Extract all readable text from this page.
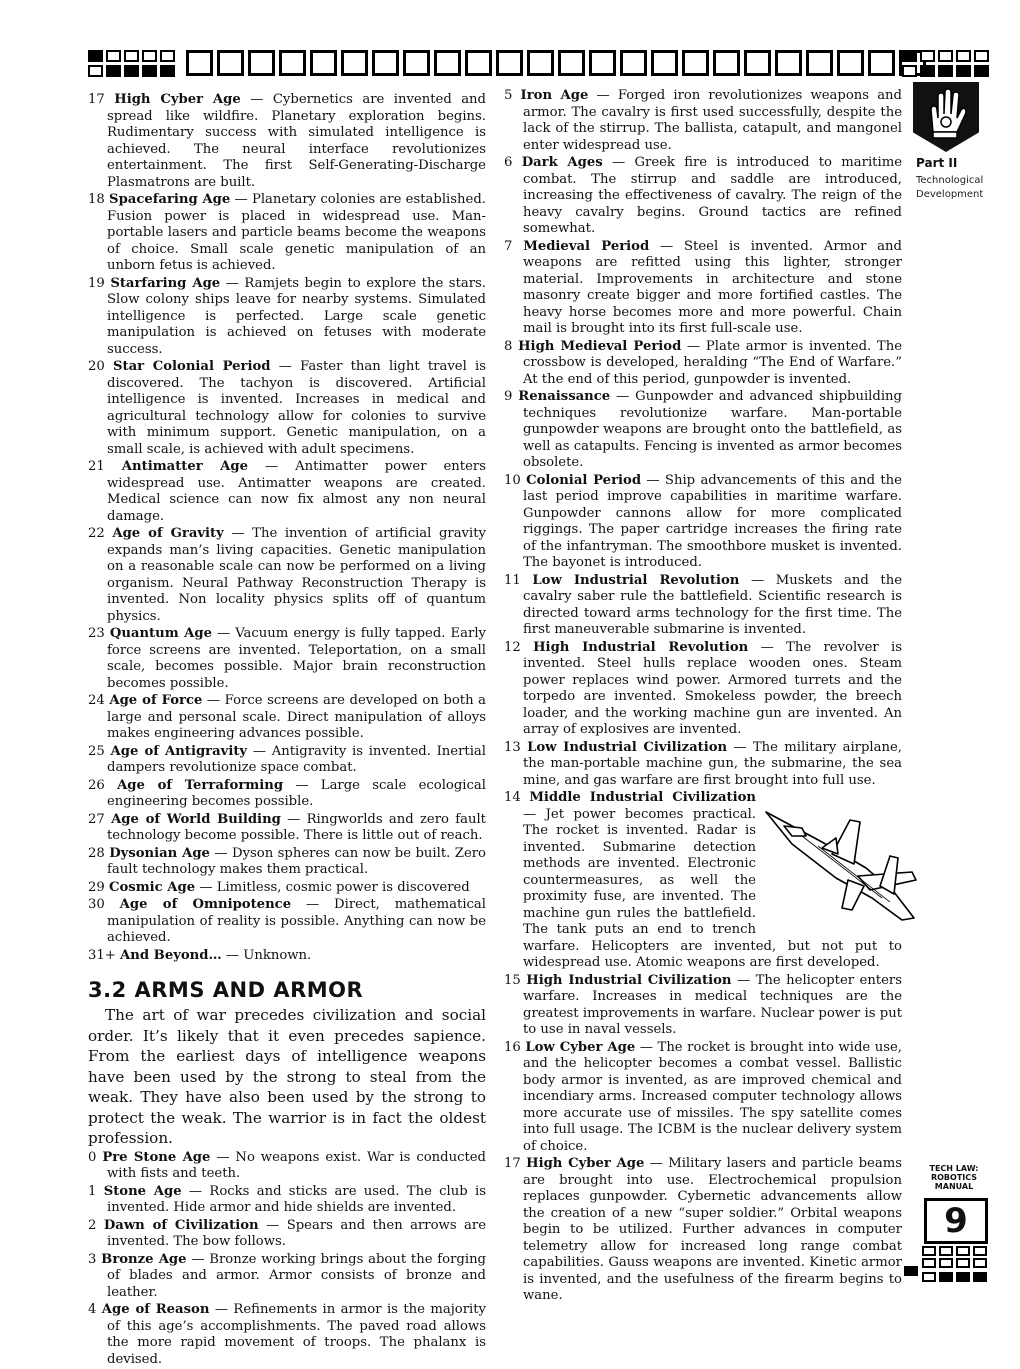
Part II
Technological
Development
TECH LAW:
ROBOTICS
MANUAL
9

17 High Cyber Age — Cybernetics are invented and spread like wildfire. Planetary exploration begins. Rudimentary success with simulated intelligence is achieved. The neural interface revolutionizes entertainment. The first Self-Generating-Discharge Plasmatrons are built.

18 Spacefaring Age — Planetary colonies are established. Fusion power is placed in widespread use. Man-portable lasers and particle beams become the weapons of choice. Small scale genetic manipulation of an unborn fetus is achieved.

19 Starfaring Age — Ramjets begin to explore the stars. Slow colony ships leave for nearby systems. Simulated intelligence is perfected. Large scale genetic manipulation is achieved on fetuses with moderate success.

20 Star Colonial Period — Faster than light travel is discovered. The tachyon is discovered. Artificial intelligence is invented. Increases in medical and agricultural technology allow for colonies to survive with minimum support. Genetic manipulation, on a small scale, is achieved with adult specimens.

21 Antimatter Age — Antimatter power enters widespread use. Antimatter weapons are created. Medical science can now fix almost any non neural damage.

22 Age of Gravity — The invention of artificial gravity expands man’s living capacities. Genetic manipulation on a reasonable scale can now be performed on a living organism. Neural Pathway Reconstruction Therapy is invented. Non locality physics splits off of quantum physics.

23 Quantum Age — Vacuum energy is fully tapped. Early force screens are invented. Teleportation, on a small scale, becomes possible. Major brain reconstruction becomes possible.

24 Age of Force — Force screens are developed on both a large and personal scale. Direct manipulation of alloys makes engineering advances possible.

25 Age of Antigravity — Antigravity is invented. Inertial dampers revolutionize space combat.

26 Age of Terraforming — Large scale ecological engineering becomes possible.

27 Age of World Building — Ringworlds and zero fault technology become possible. There is little out of reach.

28 Dysonian Age — Dyson spheres can now be built. Zero fault technology makes them practical.

29 Cosmic Age — Limitless, cosmic power is discovered

30 Age of Omnipotence — Direct, mathematical manipulation of reality is possible. Anything can now be achieved.

31+ And Beyond… — Unknown.

3.2 ARMS AND ARMOR

The art of war precedes civilization and social order. It’s likely that it even precedes sapience. From the earliest days of intelligence weapons have been used by the strong to steal from the weak. They have also been used by the strong to protect the weak. The warrior is in fact the oldest profession.

0 Pre Stone Age — No weapons exist. War is conducted with fists and teeth.

1 Stone Age — Rocks and sticks are used. The club is invented. Hide armor and hide shields are invented.

2 Dawn of Civilization — Spears and then arrows are invented. The bow follows.

3 Bronze Age — Bronze working brings about the forging of blades and armor. Armor consists of bronze and leather.

4 Age of Reason — Refinements in armor is the majority of this age’s accomplishments. The paved road allows the more rapid movement of troops. The phalanx is devised.

5 Iron Age — Forged iron revolutionizes weapons and armor. The cavalry is first used successfully, despite the lack of the stirrup. The ballista, catapult, and mangonel enter widespread use.

6 Dark Ages — Greek fire is introduced to maritime combat. The stirrup and saddle are introduced, increasing the effectiveness of cavalry. The reign of the heavy cavalry begins. Ground tactics are refined somewhat.

7 Medieval Period — Steel is invented. Armor and weapons are refitted using this lighter, stronger material. Improvements in architecture and stone masonry create bigger and more fortified castles. The heavy horse becomes more and more powerful. Chain mail is brought into its first full-scale use.

8 High Medieval Period — Plate armor is invented. The crossbow is developed, heralding “The End of Warfare.” At the end of this period, gunpowder is invented.

9 Renaissance — Gunpowder and advanced shipbuilding techniques revolutionize warfare. Man-portable gunpowder weapons are brought onto the battlefield, as well as catapults. Fencing is invented as armor becomes obsolete.

10 Colonial Period — Ship advancements of this and the last period improve capabilities in maritime warfare. Gunpowder cannons allow for more complicated riggings. The paper cartridge increases the firing rate of the infantryman. The smoothbore musket is invented. The bayonet is introduced.

11 Low Industrial Revolution — Muskets and the cavalry saber rule the battlefield. Scientific research is directed toward arms technology for the first time. The first maneuverable submarine is invented.

12 High Industrial Revolution — The revolver is invented. Steel hulls replace wooden ones. Steam power replaces wind power. Armored turrets and the torpedo are invented. Smokeless powder, the breech loader, and the working machine gun are invented. An array of explosives are invented.

13 Low Industrial Civilization — The military airplane, the man-portable machine gun, the submarine, the sea mine, and gas warfare are first brought into full use.

14 Middle Industrial Civilization — Jet power becomes practical. The rocket is invented. Radar is invented. Submarine detection methods are invented. Electronic countermeasures, as well the proximity fuse, are invented. The machine gun rules the battlefield. The tank puts an end to trench warfare. Helicopters are invented, but not put to widespread use. Atomic weapons are first developed.

15 High Industrial Civilization — The helicopter enters warfare. Increases in medical techniques are the greatest improvements in warfare. Nuclear power is put to use in naval vessels.

16 Low Cyber Age — The rocket is brought into wide use, and the helicopter becomes a combat vessel. Ballistic body armor is invented, as are improved chemical and incendiary arms. Increased computer technology allows more accurate use of missiles. The spy satellite comes into full usage. The ICBM is the nuclear delivery system of choice.

17 High Cyber Age — Military lasers and particle beams are brought into use. Electrochemical propulsion replaces gunpowder. Cybernetic advancements allow the creation of a new “super soldier.” Orbital weapons begin to be utilized. Further advances in computer telemetry allow for increased long range combat capabilities. Gauss weapons are invented. Kinetic armor is invented, and the usefulness of the firearm begins to wane.
